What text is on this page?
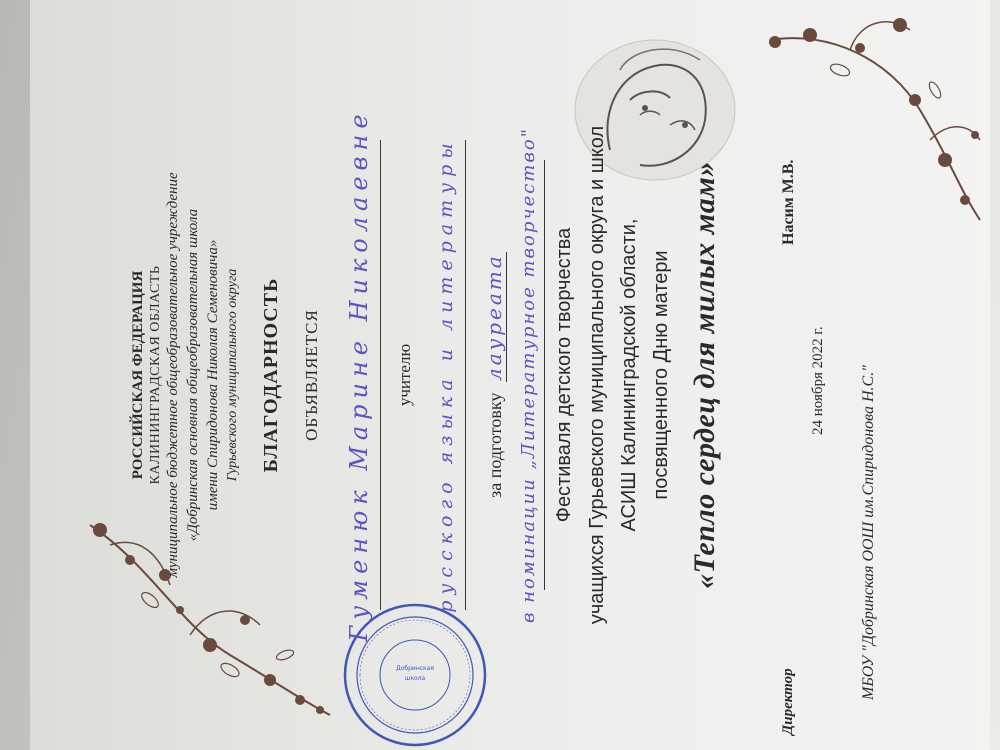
Добринская
школа
РОССИЙСКАЯ ФЕДЕРАЦИЯ КАЛИНИНГРАДСКАЯ ОБЛАСТЬ муниципальное бюджетное общеобразовательное учреждение «Добринская основная общеобразовательная школа имени Спиридонова Николая Семеновича» Гурьевского муниципального округа БЛАГОДАРНОСТЬ ОБЪЯВЛЯЕТСЯ Гуменюк Марине Николаевне учителю русского языка и литературы за подготовку лауреата в номинации „Литературное творчество" Фестиваля детского творчества учащихся Гурьевского муниципального округа и школ АСИШ Калининградской области, посвященного Дню матери «Тепло сердец для милых мам»
Директор
Насим М.В.
24 ноября 2022 г. МБОУ "Добринская ООШ им.Спиридонова Н.С."
